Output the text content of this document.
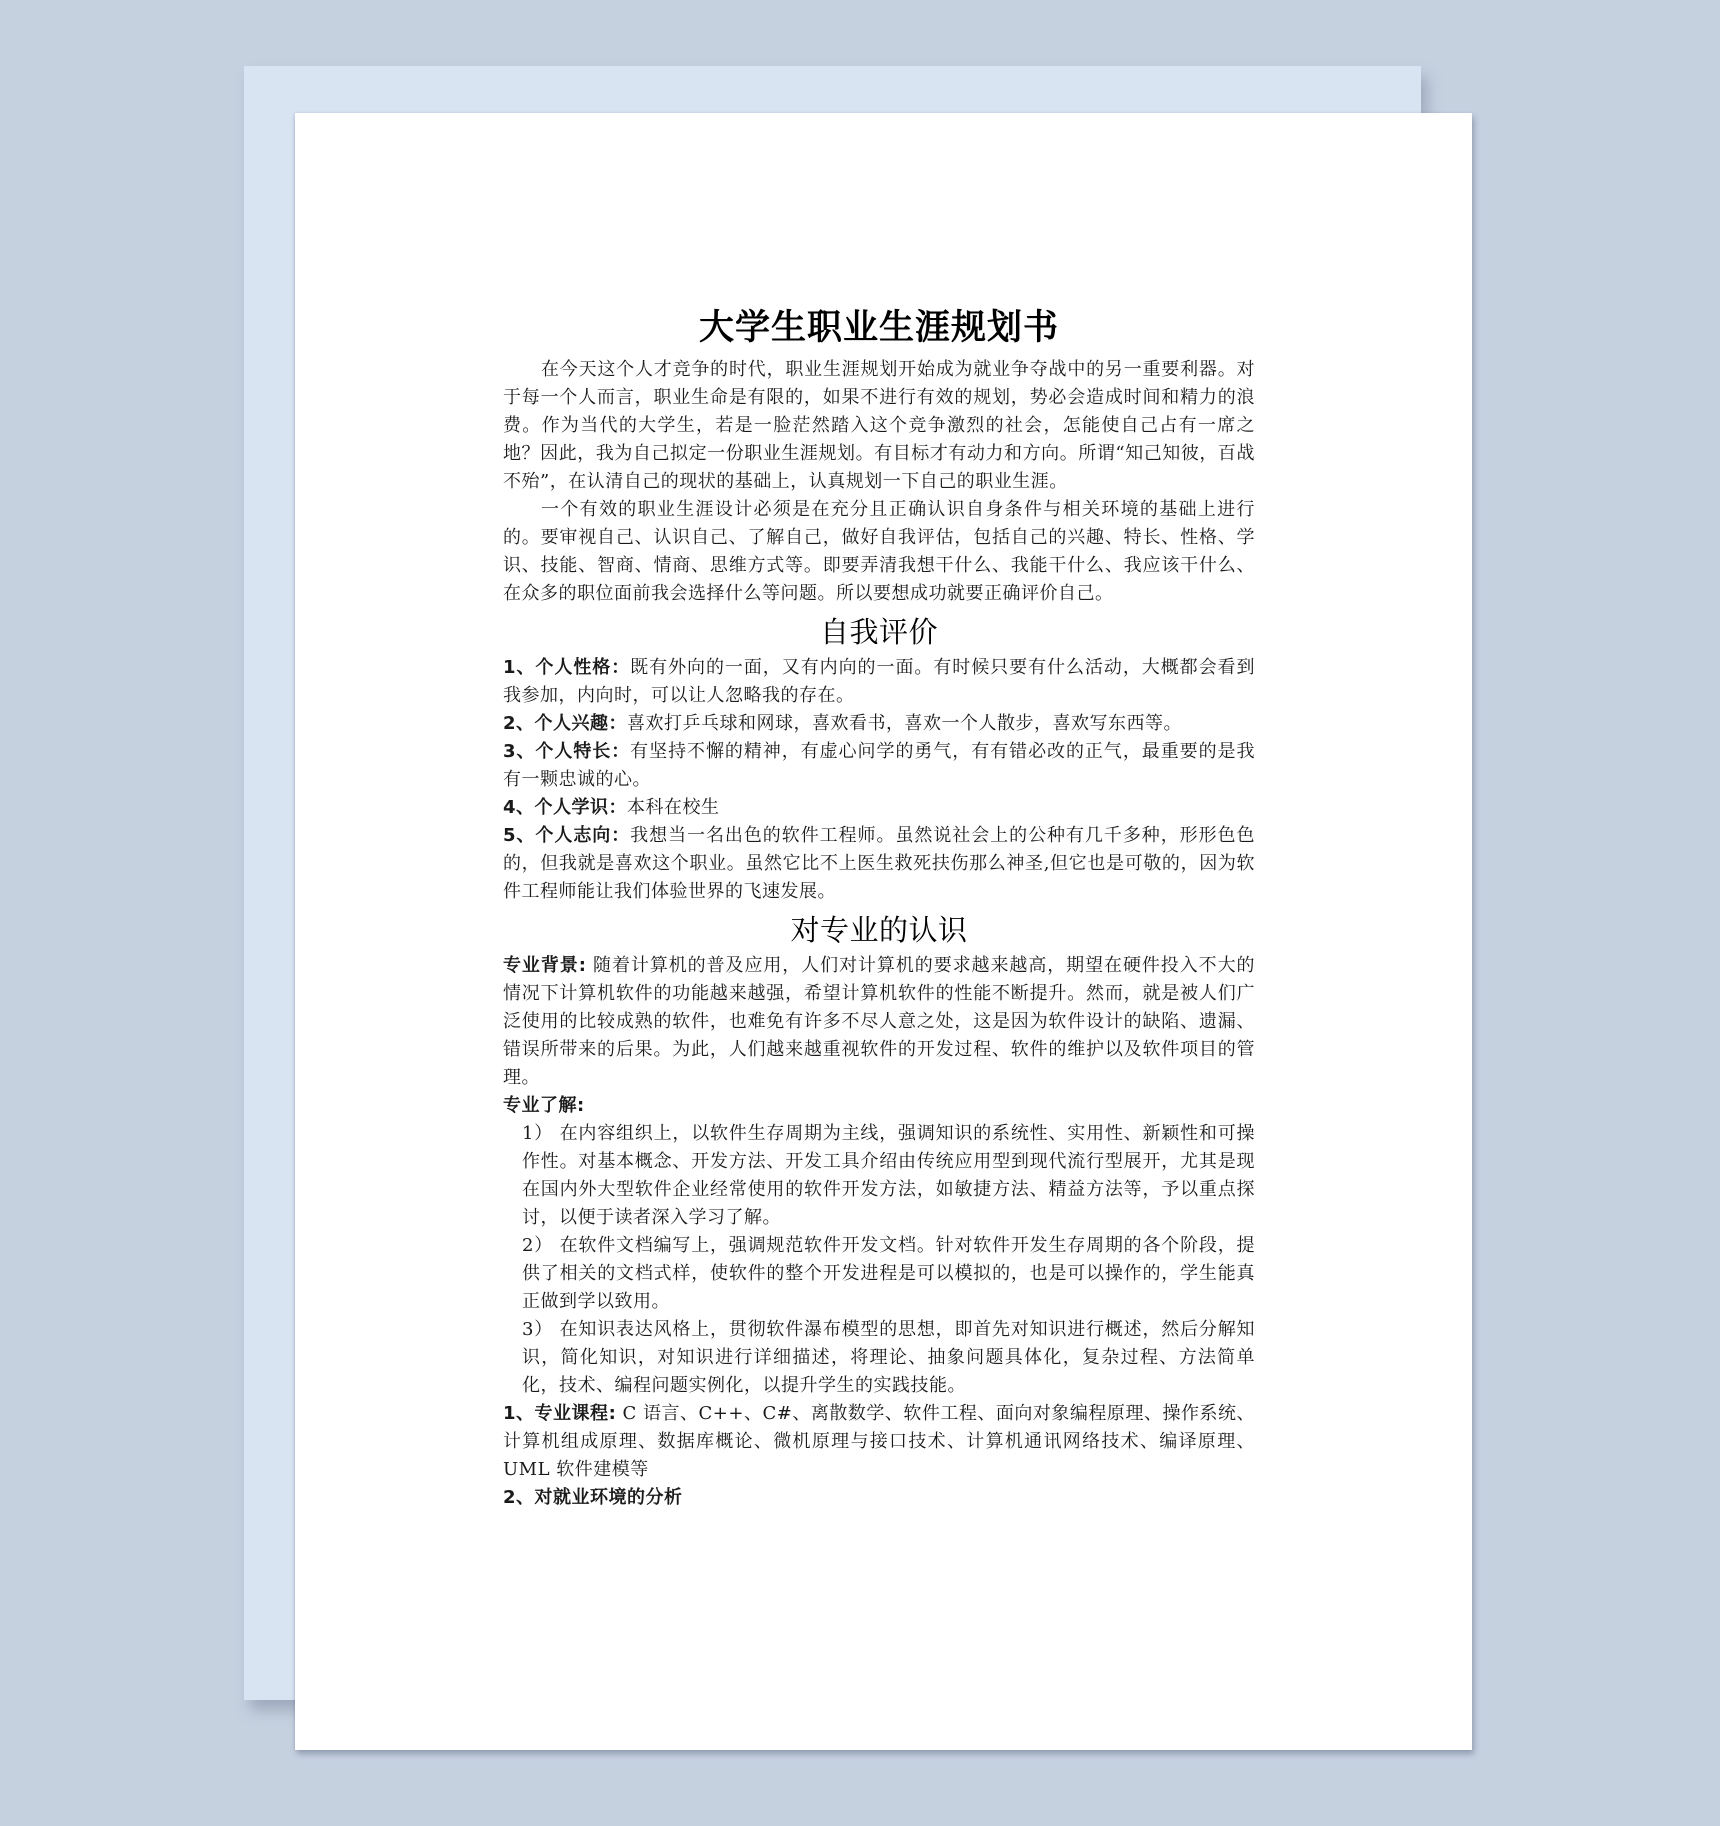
大学生职业生涯规划书

在今天这个人才竞争的时代，职业生涯规划开始成为就业争夺战中的另一重要利器。对于每一个人而言，职业生命是有限的，如果不进行有效的规划，势必会造成时间和精力的浪费。作为当代的大学生，若是一脸茫然踏入这个竞争激烈的社会，怎能使自己占有一席之地？因此，我为自己拟定一份职业生涯规划。有目标才有动力和方向。所谓“知己知彼，百战不殆”，在认清自己的现状的基础上，认真规划一下自己的职业生涯。

一个有效的职业生涯设计必须是在充分且正确认识自身条件与相关环境的基础上进行的。要审视自己、认识自己、了解自己，做好自我评估，包括自己的兴趣、特长、性格、学识、技能、智商、情商、思维方式等。即要弄清我想干什么、我能干什么、我应该干什么、在众多的职位面前我会选择什么等问题。所以要想成功就要正确评价自己。

自我评价

1、个人性格：既有外向的一面，又有内向的一面。有时候只要有什么活动，大概都会看到我参加，内向时，可以让人忽略我的存在。

2、个人兴趣：喜欢打乒乓球和网球，喜欢看书，喜欢一个人散步，喜欢写东西等。

3、个人特长：有坚持不懈的精神，有虚心问学的勇气，有有错必改的正气，最重要的是我有一颗忠诚的心。

4、个人学识：本科在校生

5、个人志向：我想当一名出色的软件工程师。虽然说社会上的公种有几千多种，形形色色的，但我就是喜欢这个职业。虽然它比不上医生救死扶伤那么神圣,但它也是可敬的，因为软件工程师能让我们体验世界的飞速发展。

对专业的认识

专业背景: 随着计算机的普及应用，人们对计算机的要求越来越高，期望在硬件投入不大的 情况下计算机软件的功能越来越强，希望计算机软件的性能不断提升。然而，就是被人们广泛使用的比较成熟的软件，也难免有许多不尽人意之处，这是因为软件设计的缺陷、遗漏、错误所带来的后果。为此，人们越来越重视软件的开发过程、软件的维护以及软件项目的管理。

专业了解:

1） 在内容组织上，以软件生存周期为主线，强调知识的系统性、实用性、新颖性和可操作性。对基本概念、开发方法、开发工具介绍由传统应用型到现代流行型展开，尤其是现在国内外大型软件企业经常使用的软件开发方法，如敏捷方法、精益方法等，予以重点探讨，以便于读者深入学习了解。

2） 在软件文档编写上，强调规范软件开发文档。针对软件开发生存周期的各个阶段，提供了相关的文档式样，使软件的整个开发进程是可以模拟的，也是可以操作的，学生能真正做到学以致用。

3） 在知识表达风格上，贯彻软件瀑布模型的思想，即首先对知识进行概述，然后分解知识，简化知识，对知识进行详细描述，将理论、抽象问题具体化，复杂过程、方法简单化，技术、编程问题实例化，以提升学生的实践技能。

1、专业课程: C 语言、C++、C#、离散数学、软件工程、面向对象编程原理、操作系统、计算机组成原理、数据库概论、微机原理与接口技术、计算机通讯网络技术、编译原理、UML 软件建模等

2、对就业环境的分析
